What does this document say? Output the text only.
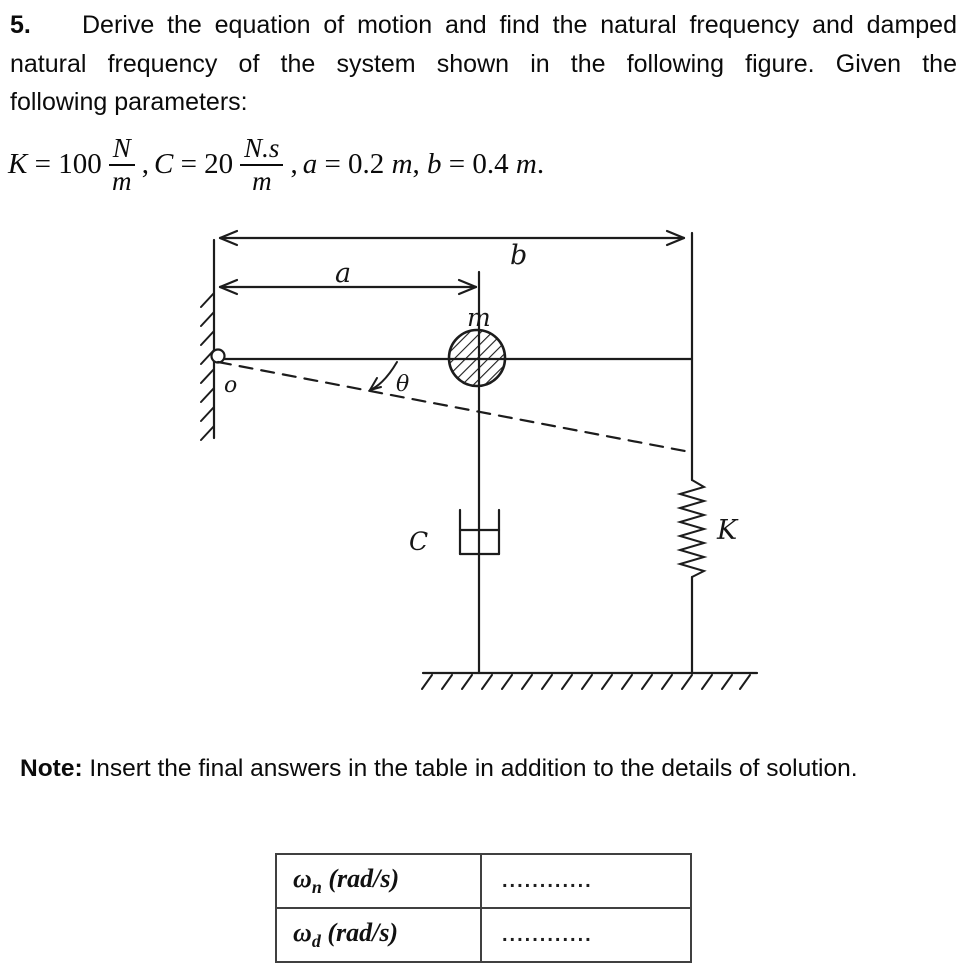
5. Derive the equation of motion and find the natural frequency and damped
natural frequency of the system shown in the following figure. Given the
following parameters:
$K = 100 \frac{N}{m}$ , $C = 20 \frac{N.s}{m}$ , a = 0.2 m , b = 0.4 m .
b
a
m
o	θ
C	K
Note: Insert the final answers in the table in addition to the details of solution.
$\omega_n$ (rad/s)	............
$\omega_d$ (rad/s)	............
